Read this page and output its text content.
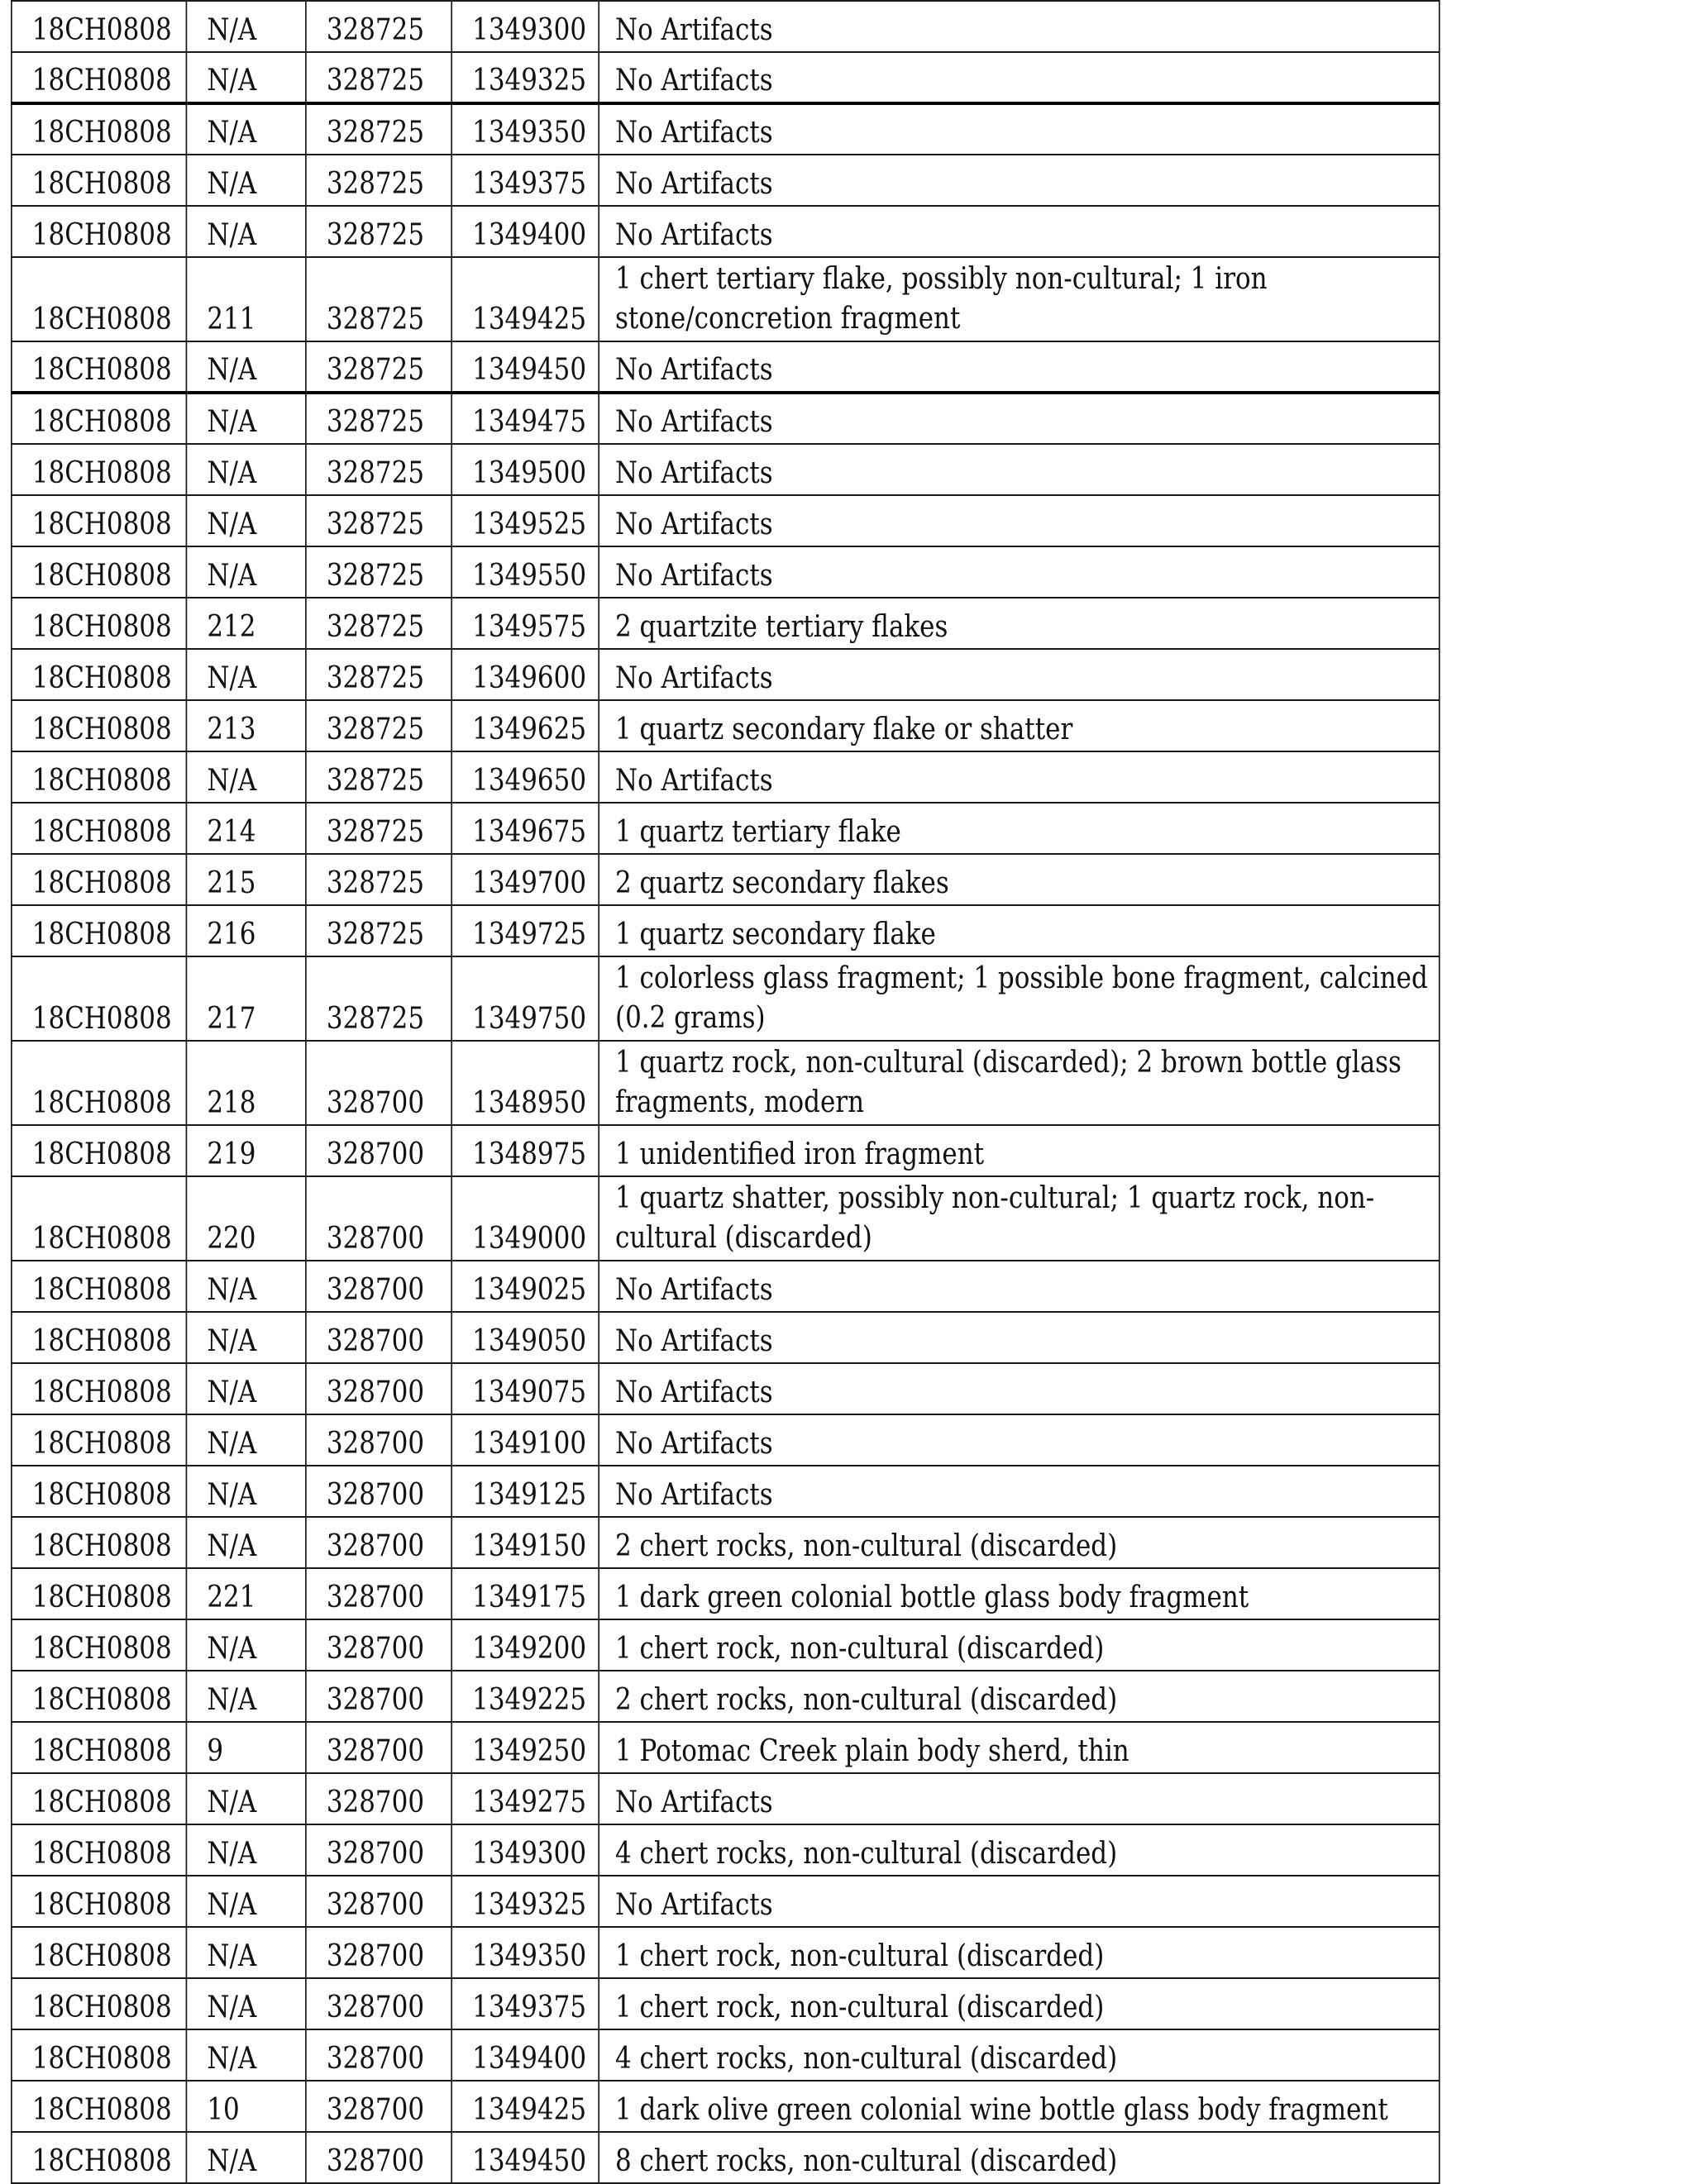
18CH0808	N/A	328725	1349300	No Artifacts
18CH0808	N/A	328725	1349325	No Artifacts
18CH0808	N/A	328725	1349350	No Artifacts
18CH0808	N/A	328725	1349375	No Artifacts
18CH0808	N/A	328725	1349400	No Artifacts
18CH0808	211	328725	1349425	1 chert tertiary flake, possibly non-cultural; 1 iron stone/concretion fragment
18CH0808	N/A	328725	1349450	No Artifacts
18CH0808	N/A	328725	1349475	No Artifacts
18CH0808	N/A	328725	1349500	No Artifacts
18CH0808	N/A	328725	1349525	No Artifacts
18CH0808	N/A	328725	1349550	No Artifacts
18CH0808	212	328725	1349575	2 quartzite tertiary flakes
18CH0808	N/A	328725	1349600	No Artifacts
18CH0808	213	328725	1349625	1 quartz secondary flake or shatter
18CH0808	N/A	328725	1349650	No Artifacts
18CH0808	214	328725	1349675	1 quartz tertiary flake
18CH0808	215	328725	1349700	2 quartz secondary flakes
18CH0808	216	328725	1349725	1 quartz secondary flake
18CH0808	217	328725	1349750	1 colorless glass fragment; 1 possible bone fragment, calcined (0.2 grams)
18CH0808	218	328700	1348950	1 quartz rock, non-cultural (discarded); 2 brown bottle glass fragments, modern
18CH0808	219	328700	1348975	1 unidentified iron fragment
18CH0808	220	328700	1349000	1 quartz shatter, possibly non-cultural; 1 quartz rock, non-cultural (discarded)
18CH0808	N/A	328700	1349025	No Artifacts
18CH0808	N/A	328700	1349050	No Artifacts
18CH0808	N/A	328700	1349075	No Artifacts
18CH0808	N/A	328700	1349100	No Artifacts
18CH0808	N/A	328700	1349125	No Artifacts
18CH0808	N/A	328700	1349150	2 chert rocks, non-cultural (discarded)
18CH0808	221	328700	1349175	1 dark green colonial bottle glass body fragment
18CH0808	N/A	328700	1349200	1 chert rock, non-cultural (discarded)
18CH0808	N/A	328700	1349225	2 chert rocks, non-cultural (discarded)
18CH0808	9	328700	1349250	1 Potomac Creek plain body sherd, thin
18CH0808	N/A	328700	1349275	No Artifacts
18CH0808	N/A	328700	1349300	4 chert rocks, non-cultural (discarded)
18CH0808	N/A	328700	1349325	No Artifacts
18CH0808	N/A	328700	1349350	1 chert rock, non-cultural (discarded)
18CH0808	N/A	328700	1349375	1 chert rock, non-cultural (discarded)
18CH0808	N/A	328700	1349400	4 chert rocks, non-cultural (discarded)
18CH0808	10	328700	1349425	1 dark olive green colonial wine bottle glass body fragment
18CH0808	N/A	328700	1349450	8 chert rocks, non-cultural (discarded)
